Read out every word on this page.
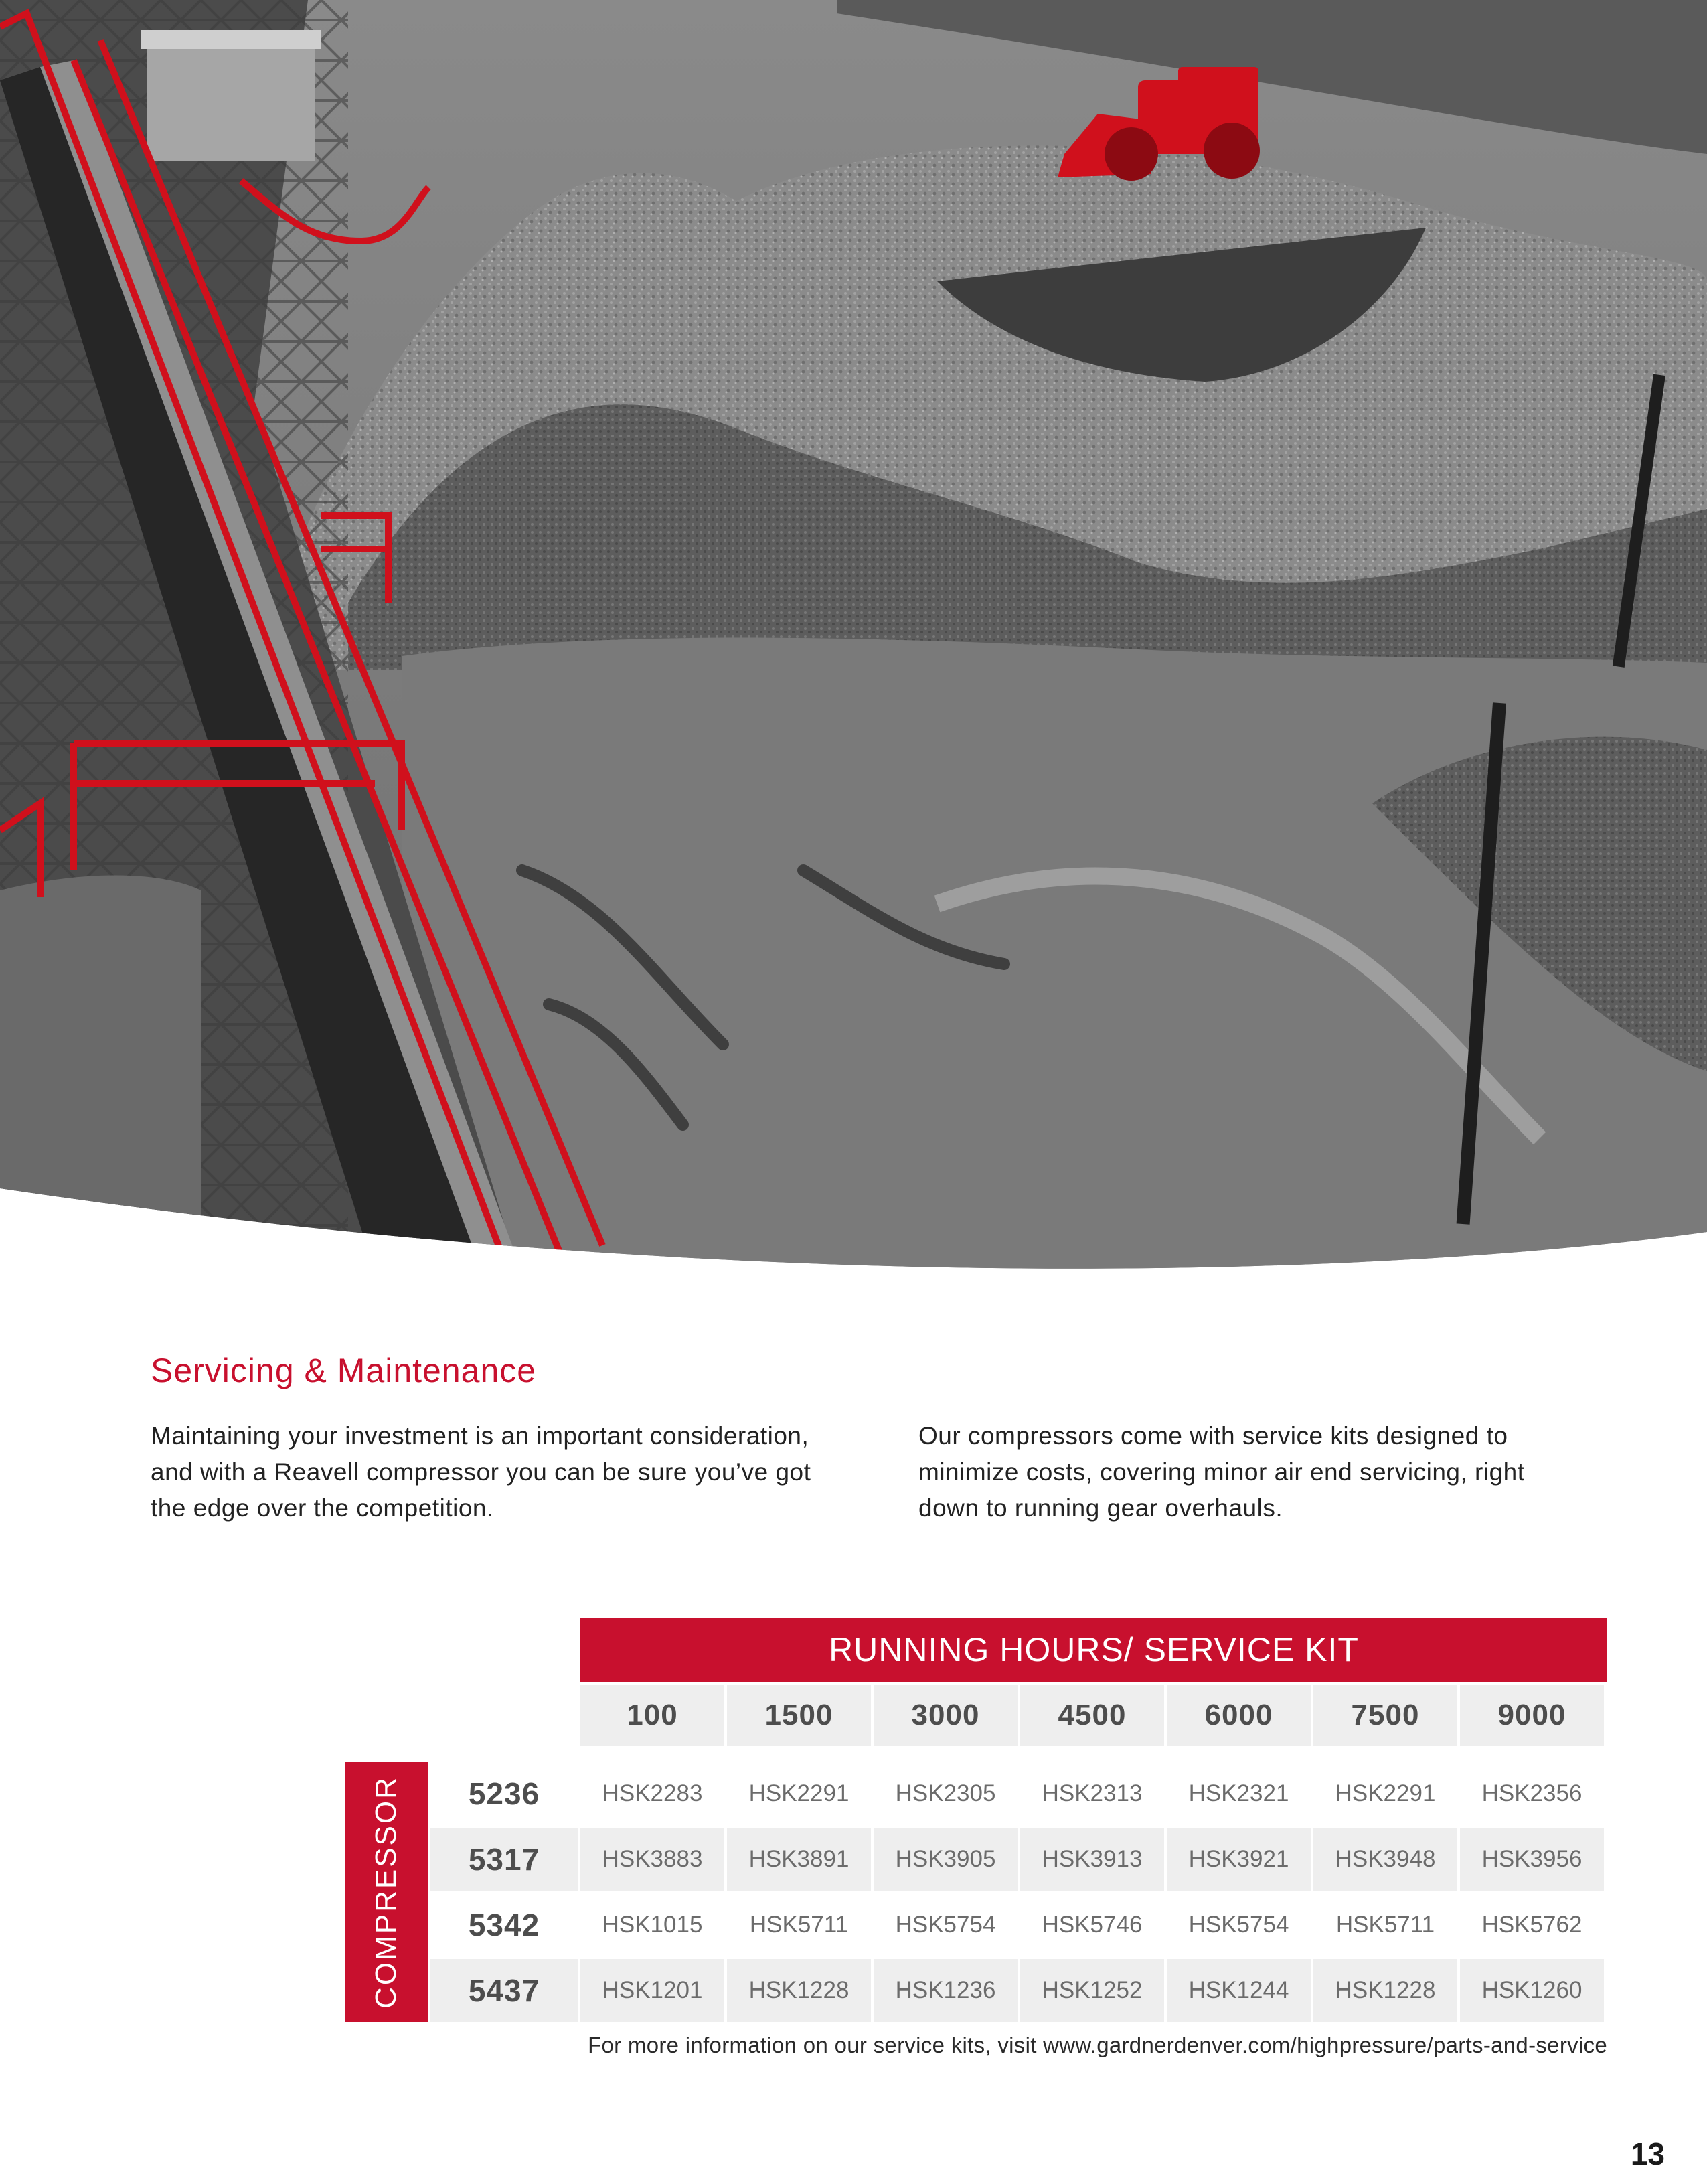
Servicing & Maintenance

Maintaining your investment is an important consideration, and with a Reavell compressor you can be sure you’ve got the edge over the competition.

Our compressors come with service kits designed to minimize costs, covering minor air end servicing, right down to running gear overhauls.

RUNNING HOURS/ SERVICE KIT
100	1500	3000	4500	6000	7500	9000
COMPRESSOR	5236	HSK2283	HSK2291	HSK2305	HSK2313	HSK2321	HSK2291	HSK2356
5317	HSK3883	HSK3891	HSK3905	HSK3913	HSK3921	HSK3948	HSK3956
5342	HSK1015	HSK5711	HSK5754	HSK5746	HSK5754	HSK5711	HSK5762
5437	HSK1201	HSK1228	HSK1236	HSK1252	HSK1244	HSK1228	HSK1260

For more information on our service kits, visit www.gardnerdenver.com/highpressure/parts-and-service

13
